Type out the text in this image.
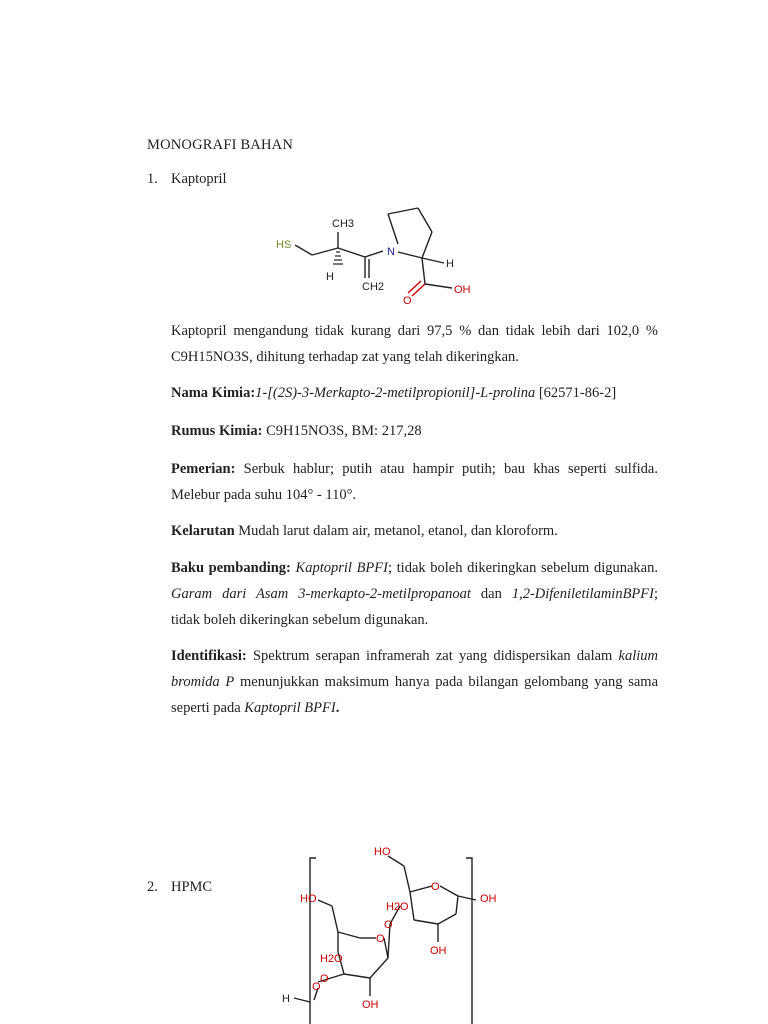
MONOGRAFI BAHAN
1. Kaptopril
HS
CH3
N
H
H
CH2
O
OH
Kaptopril mengandung tidak kurang dari 97,5 % dan tidak lebih dari 102,0 % C9H15NO3S, dihitung terhadap zat yang telah dikeringkan.
Nama Kimia:1-[(2S)-3-Merkapto-2-metilpropionil]-L-prolina [62571-86-2]
Rumus Kimia: C9H15NO3S, BM: 217,28
Pemerian: Serbuk hablur; putih atau hampir putih; bau khas seperti sulfida. Melebur pada suhu 104° - 110°.
Kelarutan Mudah larut dalam air, metanol, etanol, dan kloroform.
Baku pembanding: Kaptopril BPFI; tidak boleh dikeringkan sebelum digunakan. Garam dari Asam 3-merkapto-2-metilpropanoat dan 1,2-DifeniletilaminBPFI; tidak boleh dikeringkan sebelum digunakan.
Identifikasi: Spektrum serapan inframerah zat yang didispersikan dalam kalium bromida P menunjukkan maksimum hanya pada bilangan gelombang yang sama seperti pada Kaptopril BPFI.
2. HPMC
HO
O
OH
HO
H2O
OH
O
O
H2O
O
OH
O
H
